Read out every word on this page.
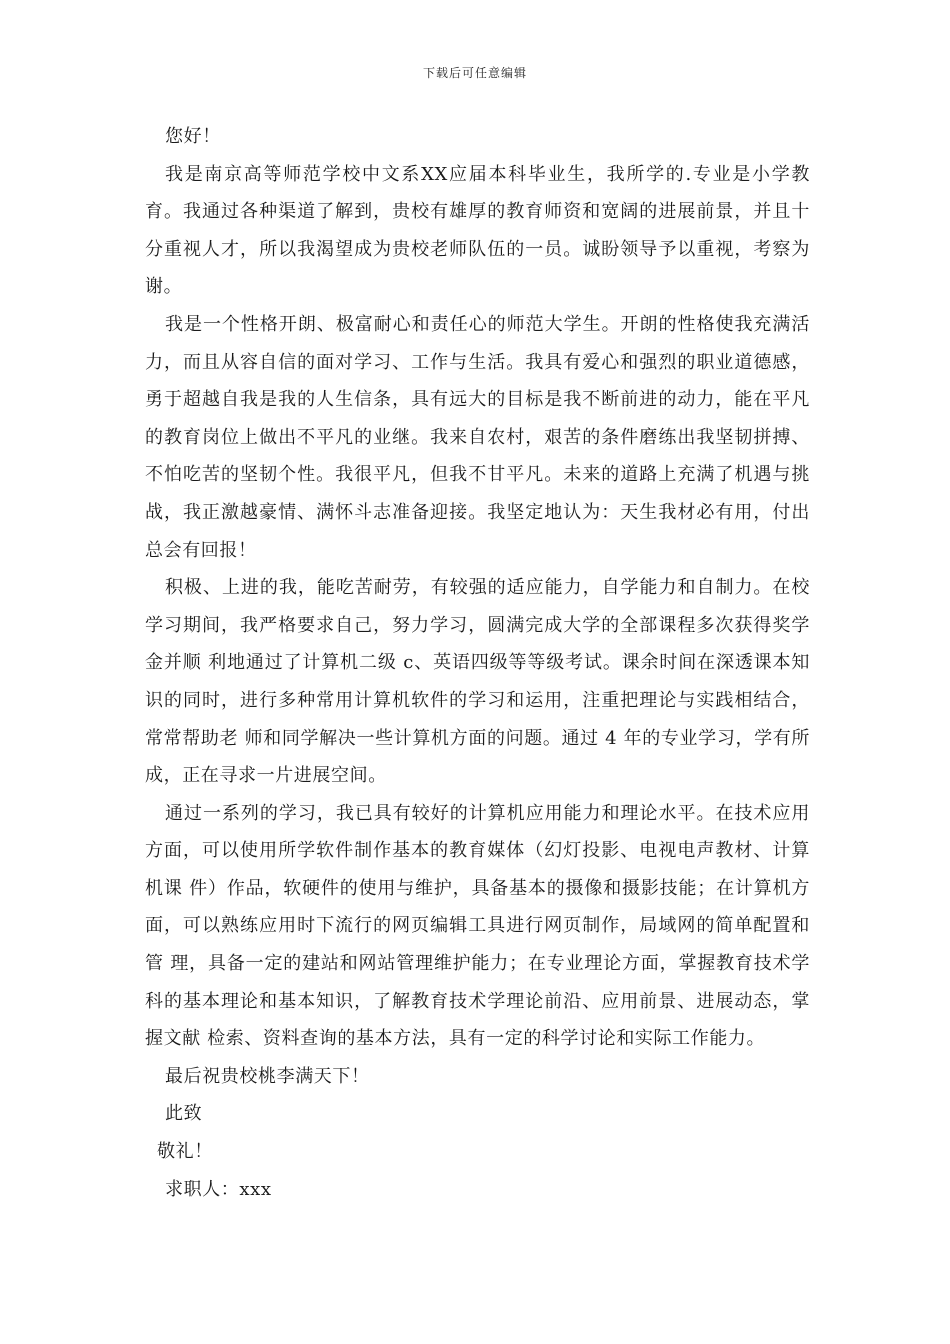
下载后可任意编辑

您好！

我是南京高等师范学校中文系XX应届本科毕业生，我所学的.专业是小学教育。我通过各种渠道了解到，贵校有雄厚的教育师资和宽阔的进展前景，并且十分重视人才，所以我渴望成为贵校老师队伍的一员。诚盼领导予以重视，考察为谢。

我是一个性格开朗、极富耐心和责任心的师范大学生。开朗的性格使我充满活力，而且从容自信的面对学习、工作与生活。我具有爱心和强烈的职业道德感，勇于超越自我是我的人生信条，具有远大的目标是我不断前进的动力，能在平凡的教育岗位上做出不平凡的业继。我来自农村，艰苦的条件磨练出我坚韧拼搏、不怕吃苦的坚韧个性。我很平凡，但我不甘平凡。未来的道路上充满了机遇与挑战，我正激越豪情、满怀斗志准备迎接。我坚定地认为：天生我材必有用，付出总会有回报！

积极、上进的我，能吃苦耐劳，有较强的适应能力，自学能力和自制力。在校学习期间，我严格要求自己，努力学习，圆满完成大学的全部课程多次获得奖学金并顺 利地通过了计算机二级 c、英语四级等等级考试。课余时间在深透课本知识的同时，进行多种常用计算机软件的学习和运用，注重把理论与实践相结合，常常帮助老 师和同学解决一些计算机方面的问题。通过 4 年的专业学习，学有所成，正在寻求一片进展空间。

通过一系列的学习，我已具有较好的计算机应用能力和理论水平。在技术应用方面，可以使用所学软件制作基本的教育媒体（幻灯投影、电视电声教材、计算机课 件）作品，软硬件的使用与维护，具备基本的摄像和摄影技能；在计算机方面，可以熟练应用时下流行的网页编辑工具进行网页制作，局域网的简单配置和管 理，具备一定的建站和网站管理维护能力；在专业理论方面，掌握教育技术学科的基本理论和基本知识，了解教育技术学理论前沿、应用前景、进展动态，掌握文献 检索、资料查询的基本方法，具有一定的科学讨论和实际工作能力。

最后祝贵校桃李满天下！

此致

敬礼！

求职人：xxx
